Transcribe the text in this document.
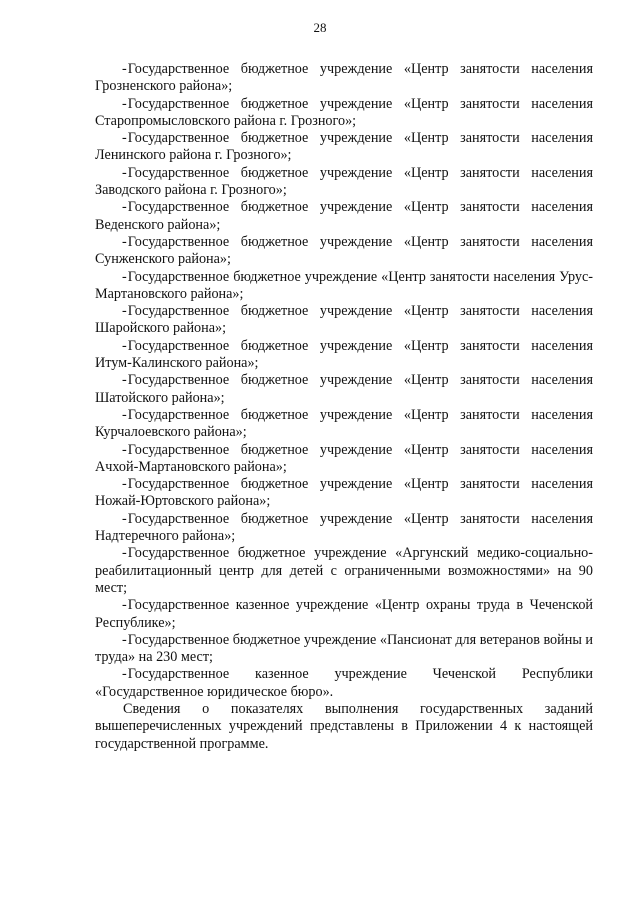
28

-Государственное бюджетное учреждение «Центр занятости населения Грозненского района»;

-Государственное бюджетное учреждение «Центр занятости населения Старопромысловского района г. Грозного»;

-Государственное бюджетное учреждение «Центр занятости населения Ленинского района г. Грозного»;

-Государственное бюджетное учреждение «Центр занятости населения Заводского района г. Грозного»;

-Государственное бюджетное учреждение «Центр занятости населения Веденского района»;

-Государственное бюджетное учреждение «Центр занятости населения Сунженского района»;

-Государственное бюджетное учреждение «Центр занятости населения Урус-Мартановского района»;

-Государственное бюджетное учреждение «Центр занятости населения Шаройского района»;

-Государственное бюджетное учреждение «Центр занятости населения Итум-Калинского района»;

-Государственное бюджетное учреждение «Центр занятости населения Шатойского района»;

-Государственное бюджетное учреждение «Центр занятости населения Курчалоевского района»;

-Государственное бюджетное учреждение «Центр занятости населения Ачхой-Мартановского района»;

-Государственное бюджетное учреждение «Центр занятости населения Ножай-Юртовского района»;

-Государственное бюджетное учреждение «Центр занятости населения Надтеречного района»;

-Государственное бюджетное учреждение «Аргунский медико-социально-реабилитационный центр для детей с ограниченными возможностями» на 90 мест;

-Государственное казенное учреждение «Центр охраны труда в Чеченской Республике»;

-Государственное бюджетное учреждение «Пансионат для ветеранов войны и труда» на 230 мест;

-Государственное казенное учреждение Чеченской Республики «Государственное юридическое бюро».

Сведения о показателях выполнения государственных заданий вышеперечисленных учреждений представлены в Приложении 4 к настоящей государственной программе.
